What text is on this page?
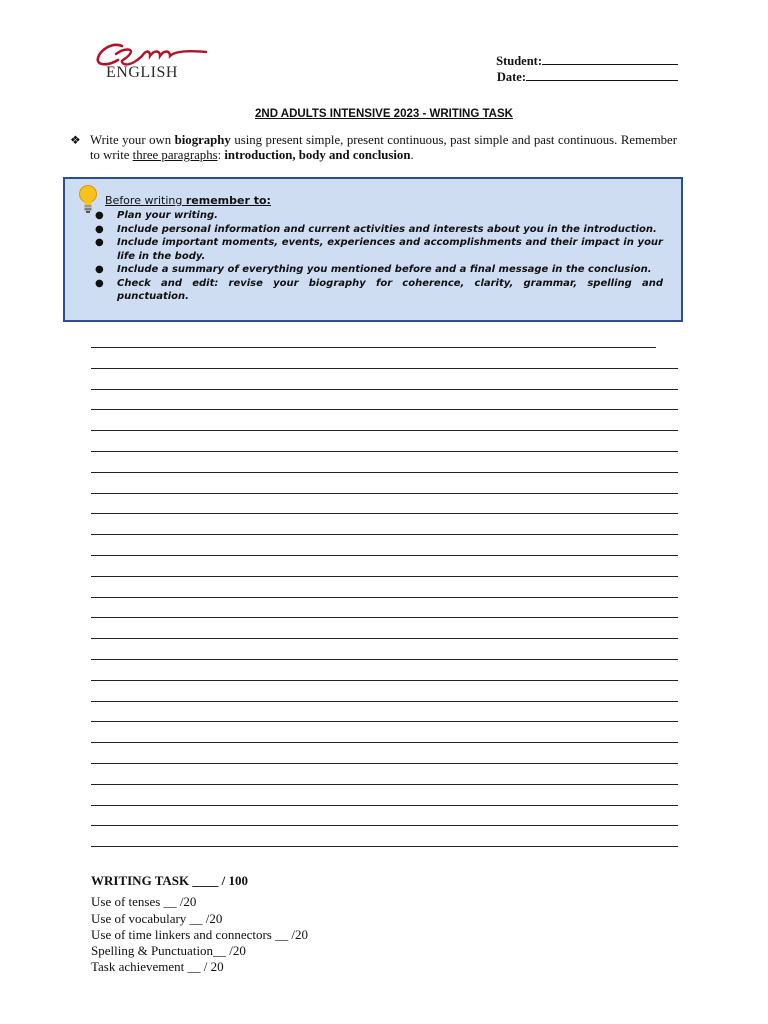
ENGLISH
Student:
Date:
2ND ADULTS INTENSIVE 2023 - WRITING TASK
❖ Write your own biography using present simple, present continuous, past simple and past continuous. Remember to write three paragraphs: introduction, body and conclusion.
Before writing remember to:
● Plan your writing.
● Include personal information and current activities and interests about you in the introduction.
● Include important moments, events, experiences and accomplishments and their impact in your life in the body.
● Include a summary of everything you mentioned before and a final message in the conclusion.
● Check and edit: revise your biography for coherence, clarity, grammar, spelling and punctuation.
WRITING TASK ____ / 100
Use of tenses __ /20
Use of vocabulary __ /20
Use of time linkers and connectors __ /20
Spelling & Punctuation__ /20
Task achievement __ / 20
